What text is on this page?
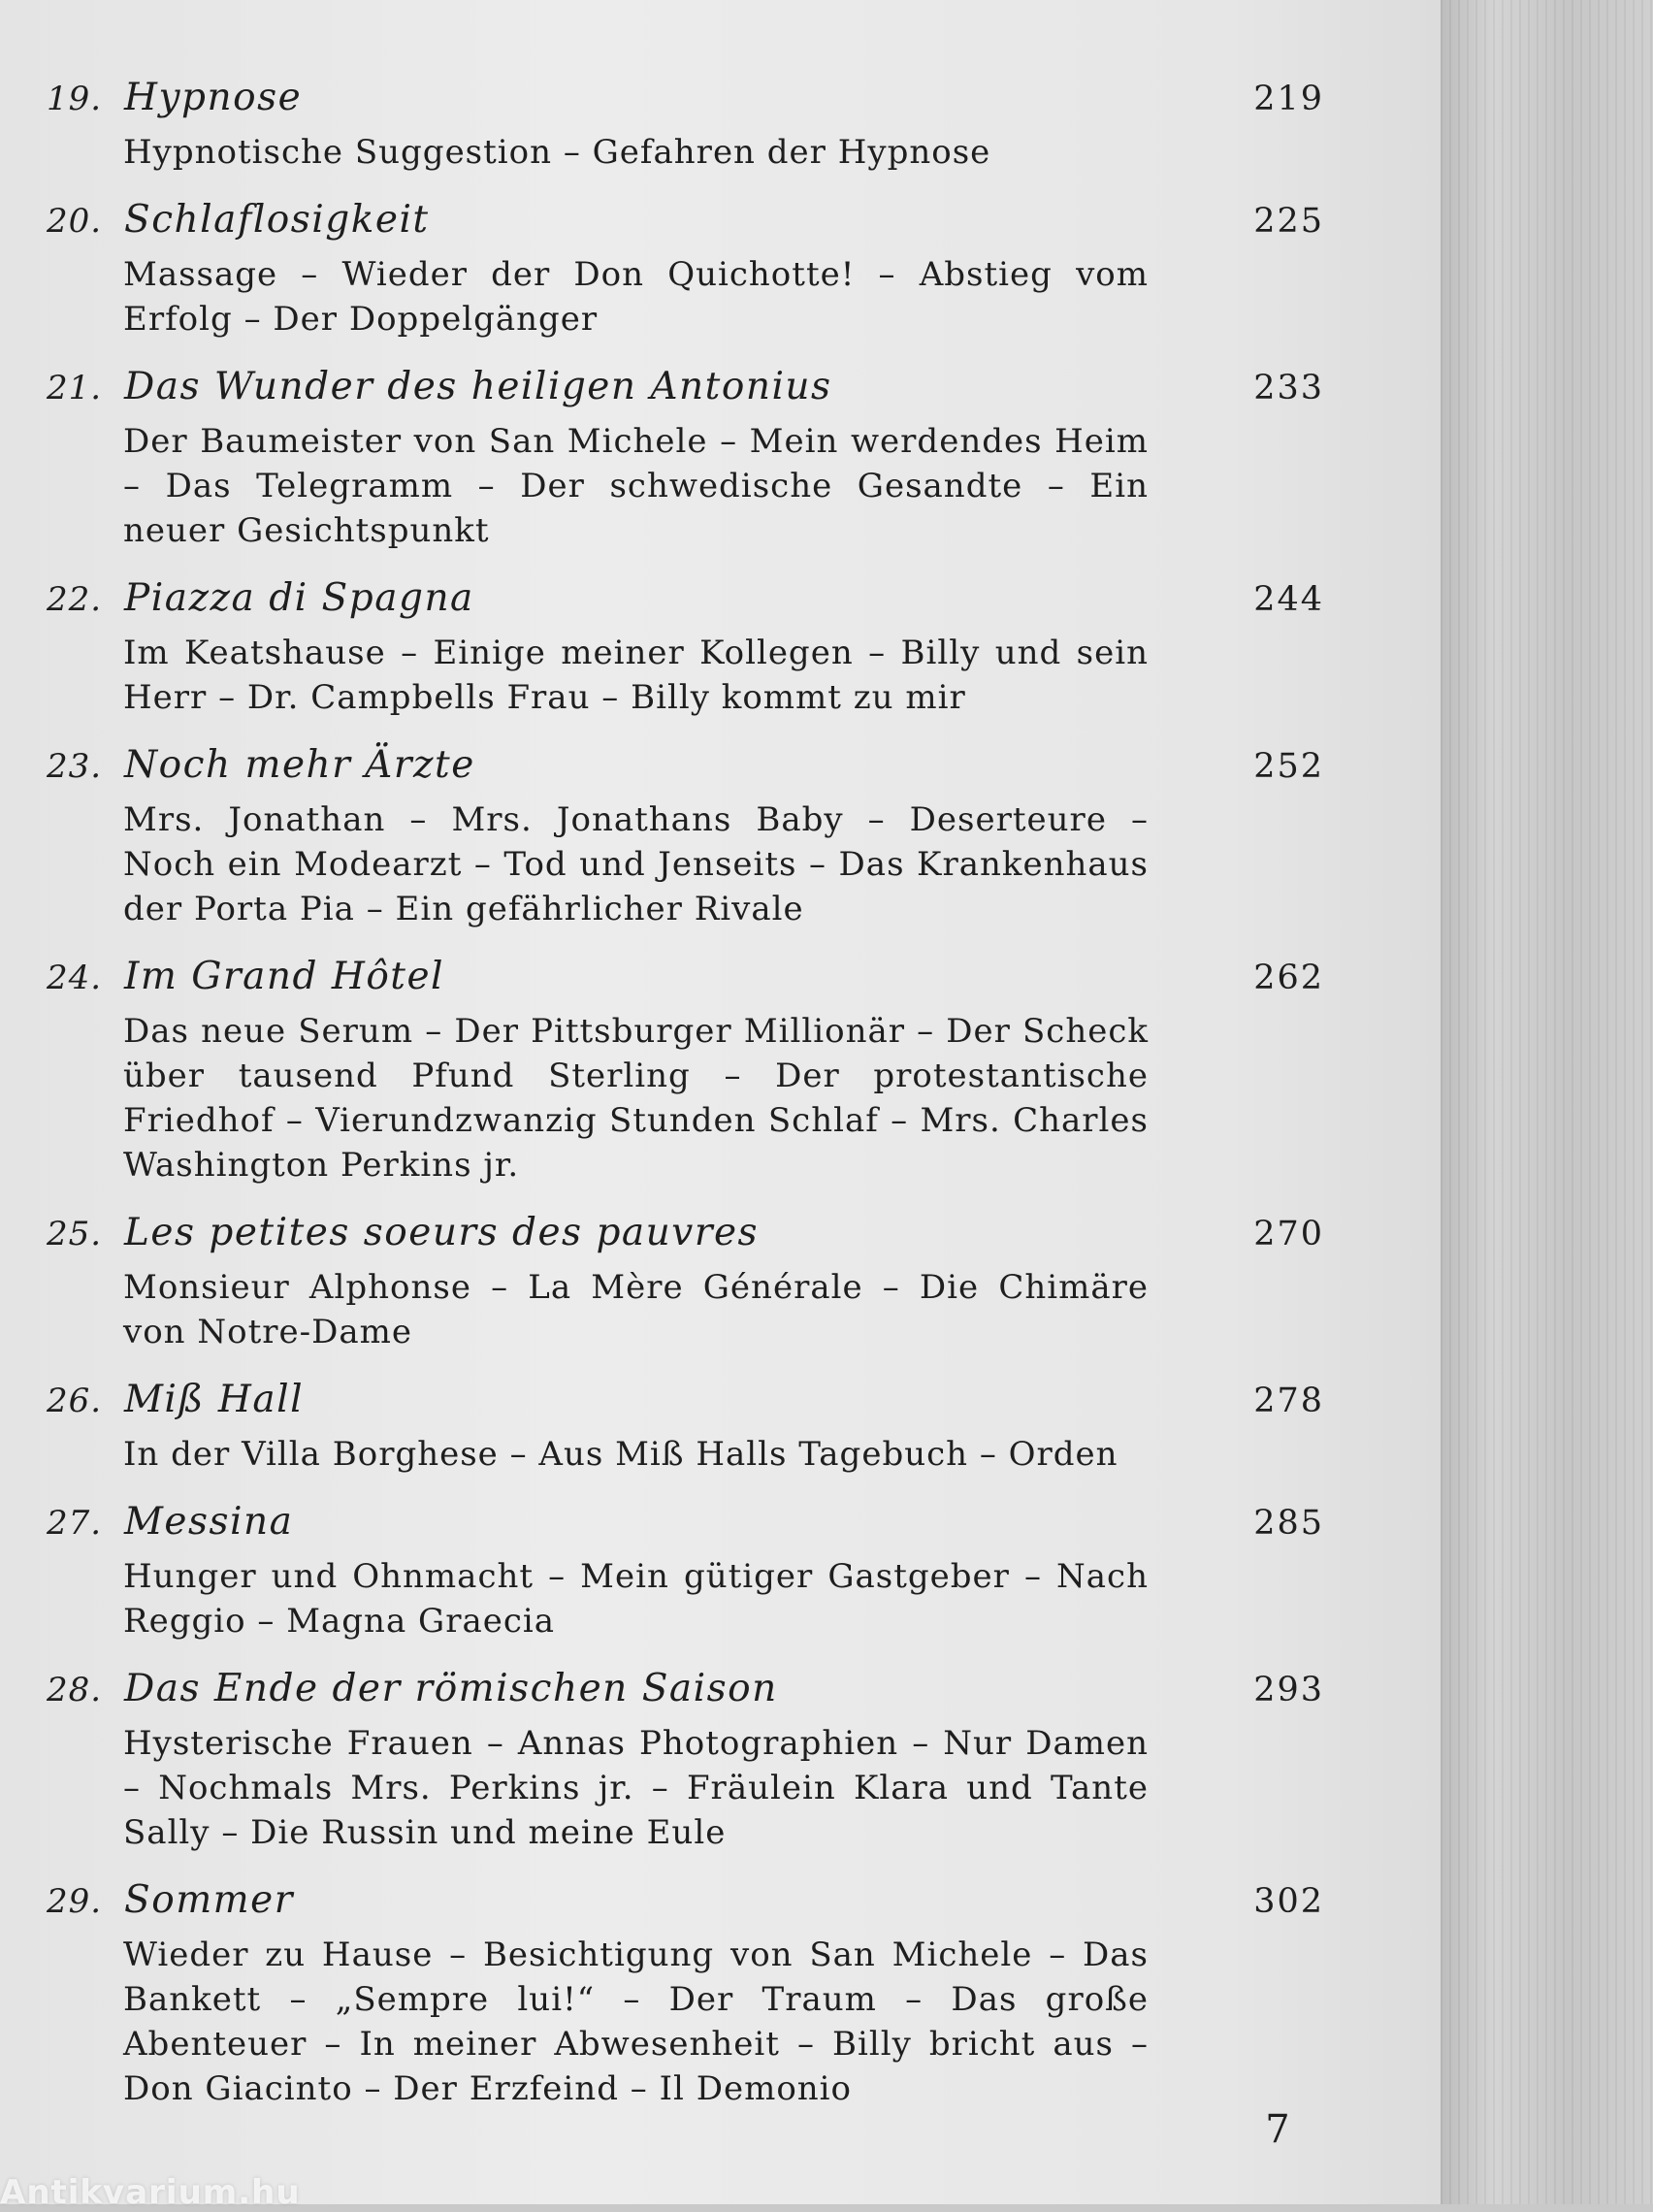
19. Hypnose	219
Hypnotische Suggestion – Gefahren der Hypnose
20. Schlaflosigkeit	225
Massage – Wieder der Don Quichotte! – Abstieg vom Erfolg – Der Doppelgänger
21. Das Wunder des heiligen Antonius	233
Der Baumeister von San Michele – Mein werdendes Heim – Das Telegramm – Der schwedische Gesandte – Ein neuer Gesichtspunkt
22. Piazza di Spagna	244
Im Keatshause – Einige meiner Kollegen – Billy und sein Herr – Dr. Campbells Frau – Billy kommt zu mir
23. Noch mehr Ärzte	252
Mrs. Jonathan – Mrs. Jonathans Baby – Deserteure – Noch ein Modearzt – Tod und Jenseits – Das Krankenhaus der Porta Pia – Ein gefährlicher Rivale
24. Im Grand Hôtel	262
Das neue Serum – Der Pittsburger Millionär – Der Scheck über tausend Pfund Sterling – Der protestantische Friedhof – Vierundzwanzig Stunden Schlaf – Mrs. Charles Washington Perkins jr.
25. Les petites soeurs des pauvres	270
Monsieur Alphonse – La Mère Générale – Die Chimäre von Notre-Dame
26. Miß Hall	278
In der Villa Borghese – Aus Miß Halls Tagebuch – Orden
27. Messina	285
Hunger und Ohnmacht – Mein gütiger Gastgeber – Nach Reggio – Magna Graecia
28. Das Ende der römischen Saison	293
Hysterische Frauen – Annas Photographien – Nur Damen – Nochmals Mrs. Perkins jr. – Fräulein Klara und Tante Sally – Die Russin und meine Eule
29. Sommer	302
Wieder zu Hause – Besichtigung von San Michele – Das Bankett – „Sempre lui!“ – Der Traum – Das große Abenteuer – In meiner Abwesenheit – Billy bricht aus – Don Giacinto – Der Erzfeind – Il Demonio
7
Antikvarium.hu
